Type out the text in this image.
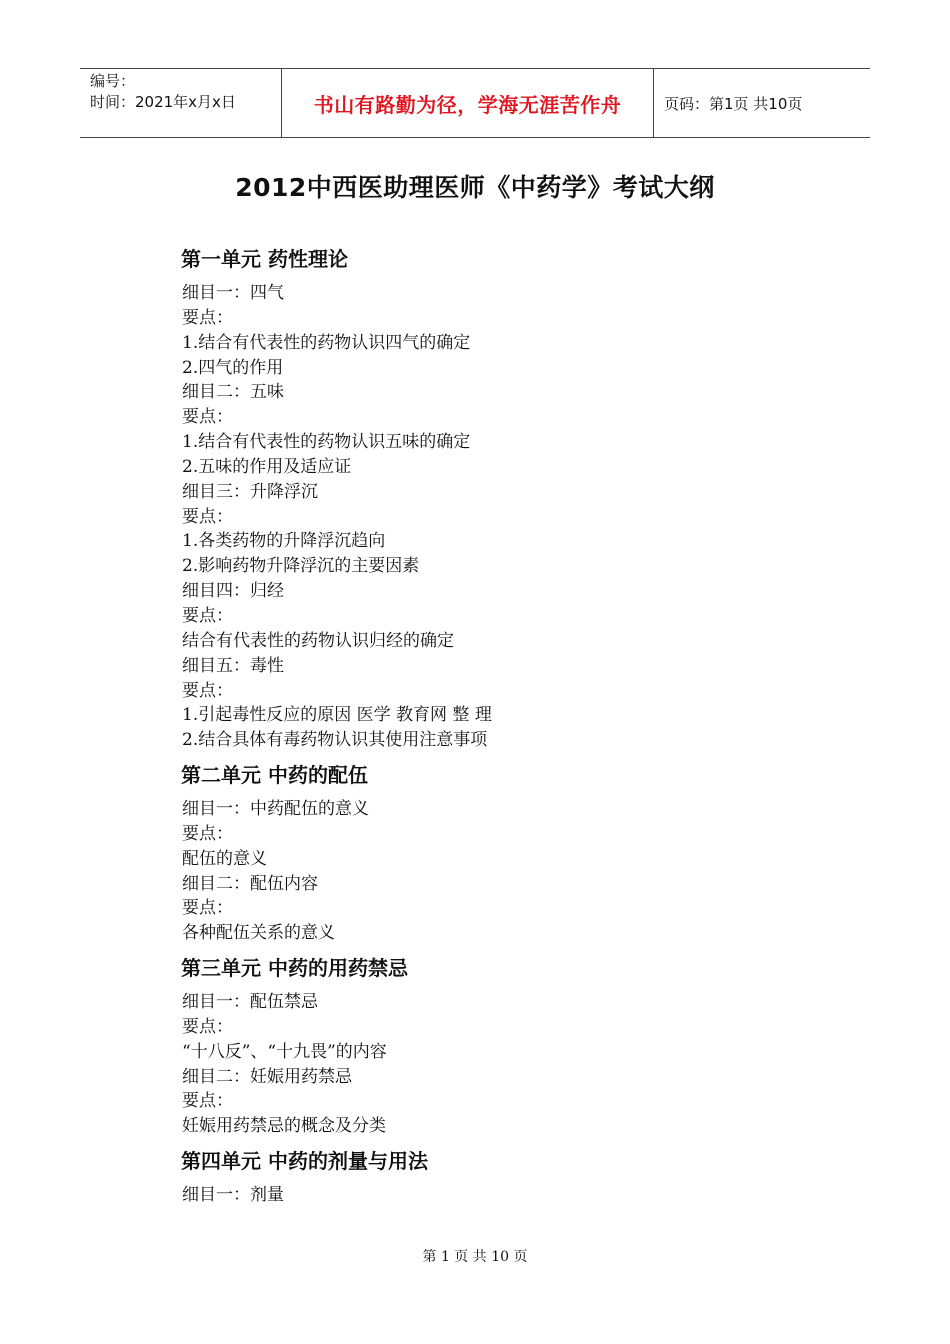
编号：
时间：2021年x月x日	书山有路勤为径，学海无涯苦作舟	页码：第1页 共10页
2012中西医助理医师《中药学》考试大纲
第一单元 药性理论
细目一：四气
要点：
1.结合有代表性的药物认识四气的确定
2.四气的作用
细目二：五味
要点：
1.结合有代表性的药物认识五味的确定
2.五味的作用及适应证
细目三：升降浮沉
要点：
1.各类药物的升降浮沉趋向
2.影响药物升降浮沉的主要因素
细目四：归经
要点：
结合有代表性的药物认识归经的确定
细目五：毒性
要点：
1.引起毒性反应的原因 医学 教育网 整 理
2.结合具体有毒药物认识其使用注意事项
第二单元 中药的配伍
细目一：中药配伍的意义
要点：
配伍的意义
细目二：配伍内容
要点：
各种配伍关系的意义
第三单元 中药的用药禁忌
细目一：配伍禁忌
要点：
“十八反”、“十九畏”的内容
细目二：妊娠用药禁忌
要点：
妊娠用药禁忌的概念及分类
第四单元 中药的剂量与用法
细目一：剂量
第 1 页 共 10 页
